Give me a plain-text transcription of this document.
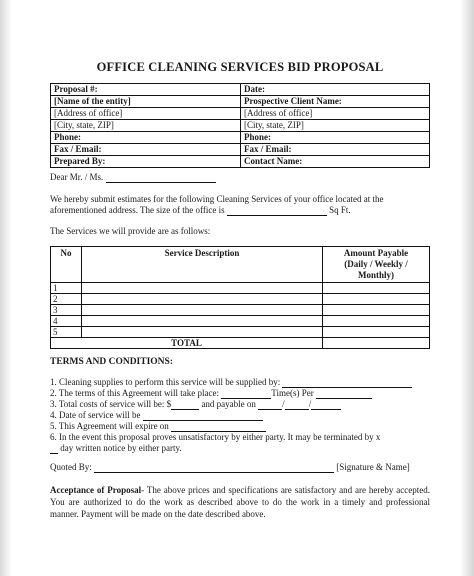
OFFICE CLEANING SERVICES BID PROPOSAL
Proposal #:	Date:
[Name of the entity]	Prospective Client Name:
[Address of office]	[Address of office]
[City, state, ZIP]	[City, state, ZIP]
Phone:	Phone:
Fax / Email:	Fax / Email:
Prepared By:	Contact Name:
Dear Mr. / Ms.
We hereby submit estimates for the following Cleaning Services of your office located at the
aforementioned address. The size of the office is	Sq Ft.
The Services we will provide are as follows:
No	Service Description	Amount Payable
(Daily / Weekly /
Monthly)

1		
2		
3		
4		
5		
TOTAL		
TERMS AND CONDITIONS:
1. Cleaning supplies to perform this service will be supplied by:
2. The terms of this Agreement will take place:	Time(s) Per
3. Total costs of service will be: $	and payable on	/	/
4. Date of service will be
5. This Agreement will expire on
6. In the event this proposal proves unsatisfactory by either party. It may be terminated by x
day written notice by either party.
Quoted By:	[Signature & Name]
Acceptance of Proposal- The above prices and specifications are satisfactory and are hereby accepted. You are authorized to do the work as described above to do the work in a timely and professional manner. Payment will be made on the date described above.
